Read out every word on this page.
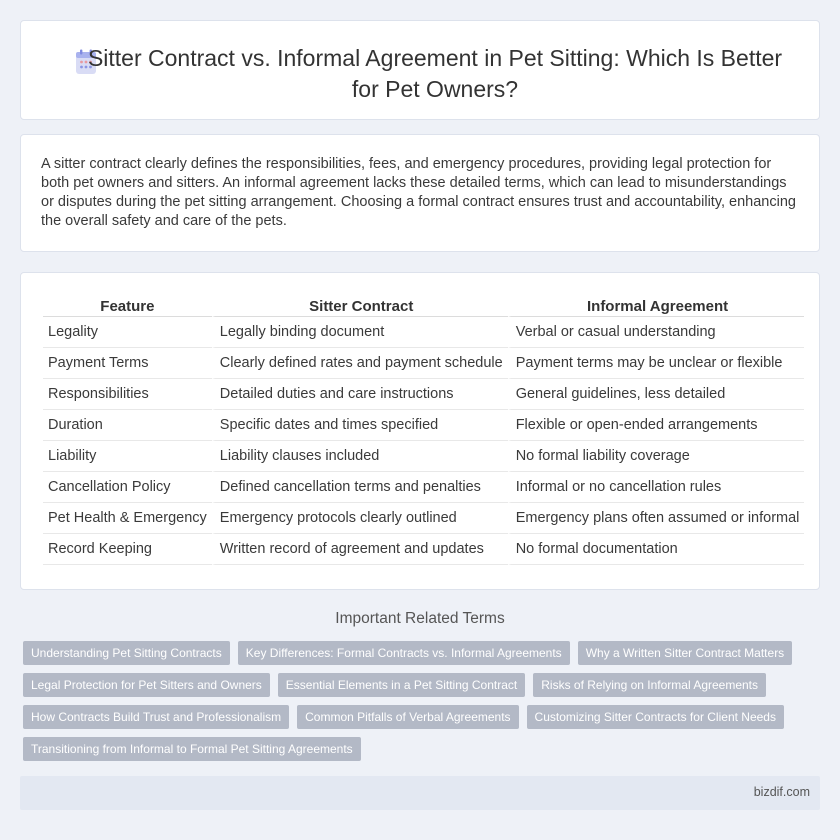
Sitter Contract vs. Informal Agreement in Pet Sitting: Which Is Better for Pet Owners?

A sitter contract clearly defines the responsibilities, fees, and emergency procedures, providing legal protection for both pet owners and sitters. An informal agreement lacks these detailed terms, which can lead to misunderstandings or disputes during the pet sitting arrangement. Choosing a formal contract ensures trust and accountability, enhancing the overall safety and care of the pets.

Feature	Sitter Contract	Informal Agreement
Legality	Legally binding document	Verbal or casual understanding
Payment Terms	Clearly defined rates and payment schedule	Payment terms may be unclear or flexible
Responsibilities	Detailed duties and care instructions	General guidelines, less detailed
Duration	Specific dates and times specified	Flexible or open-ended arrangements
Liability	Liability clauses included	No formal liability coverage
Cancellation Policy	Defined cancellation terms and penalties	Informal or no cancellation rules
Pet Health & Emergency	Emergency protocols clearly outlined	Emergency plans often assumed or informal
Record Keeping	Written record of agreement and updates	No formal documentation
Important Related Terms
Understanding Pet Sitting Contracts	Key Differences: Formal Contracts vs. Informal Agreements	Why a Written Sitter Contract Matters
Legal Protection for Pet Sitters and Owners	Essential Elements in a Pet Sitting Contract	Risks of Relying on Informal Agreements
How Contracts Build Trust and Professionalism	Common Pitfalls of Verbal Agreements	Customizing Sitter Contracts for Client Needs
Transitioning from Informal to Formal Pet Sitting Agreements
bizdif.com
